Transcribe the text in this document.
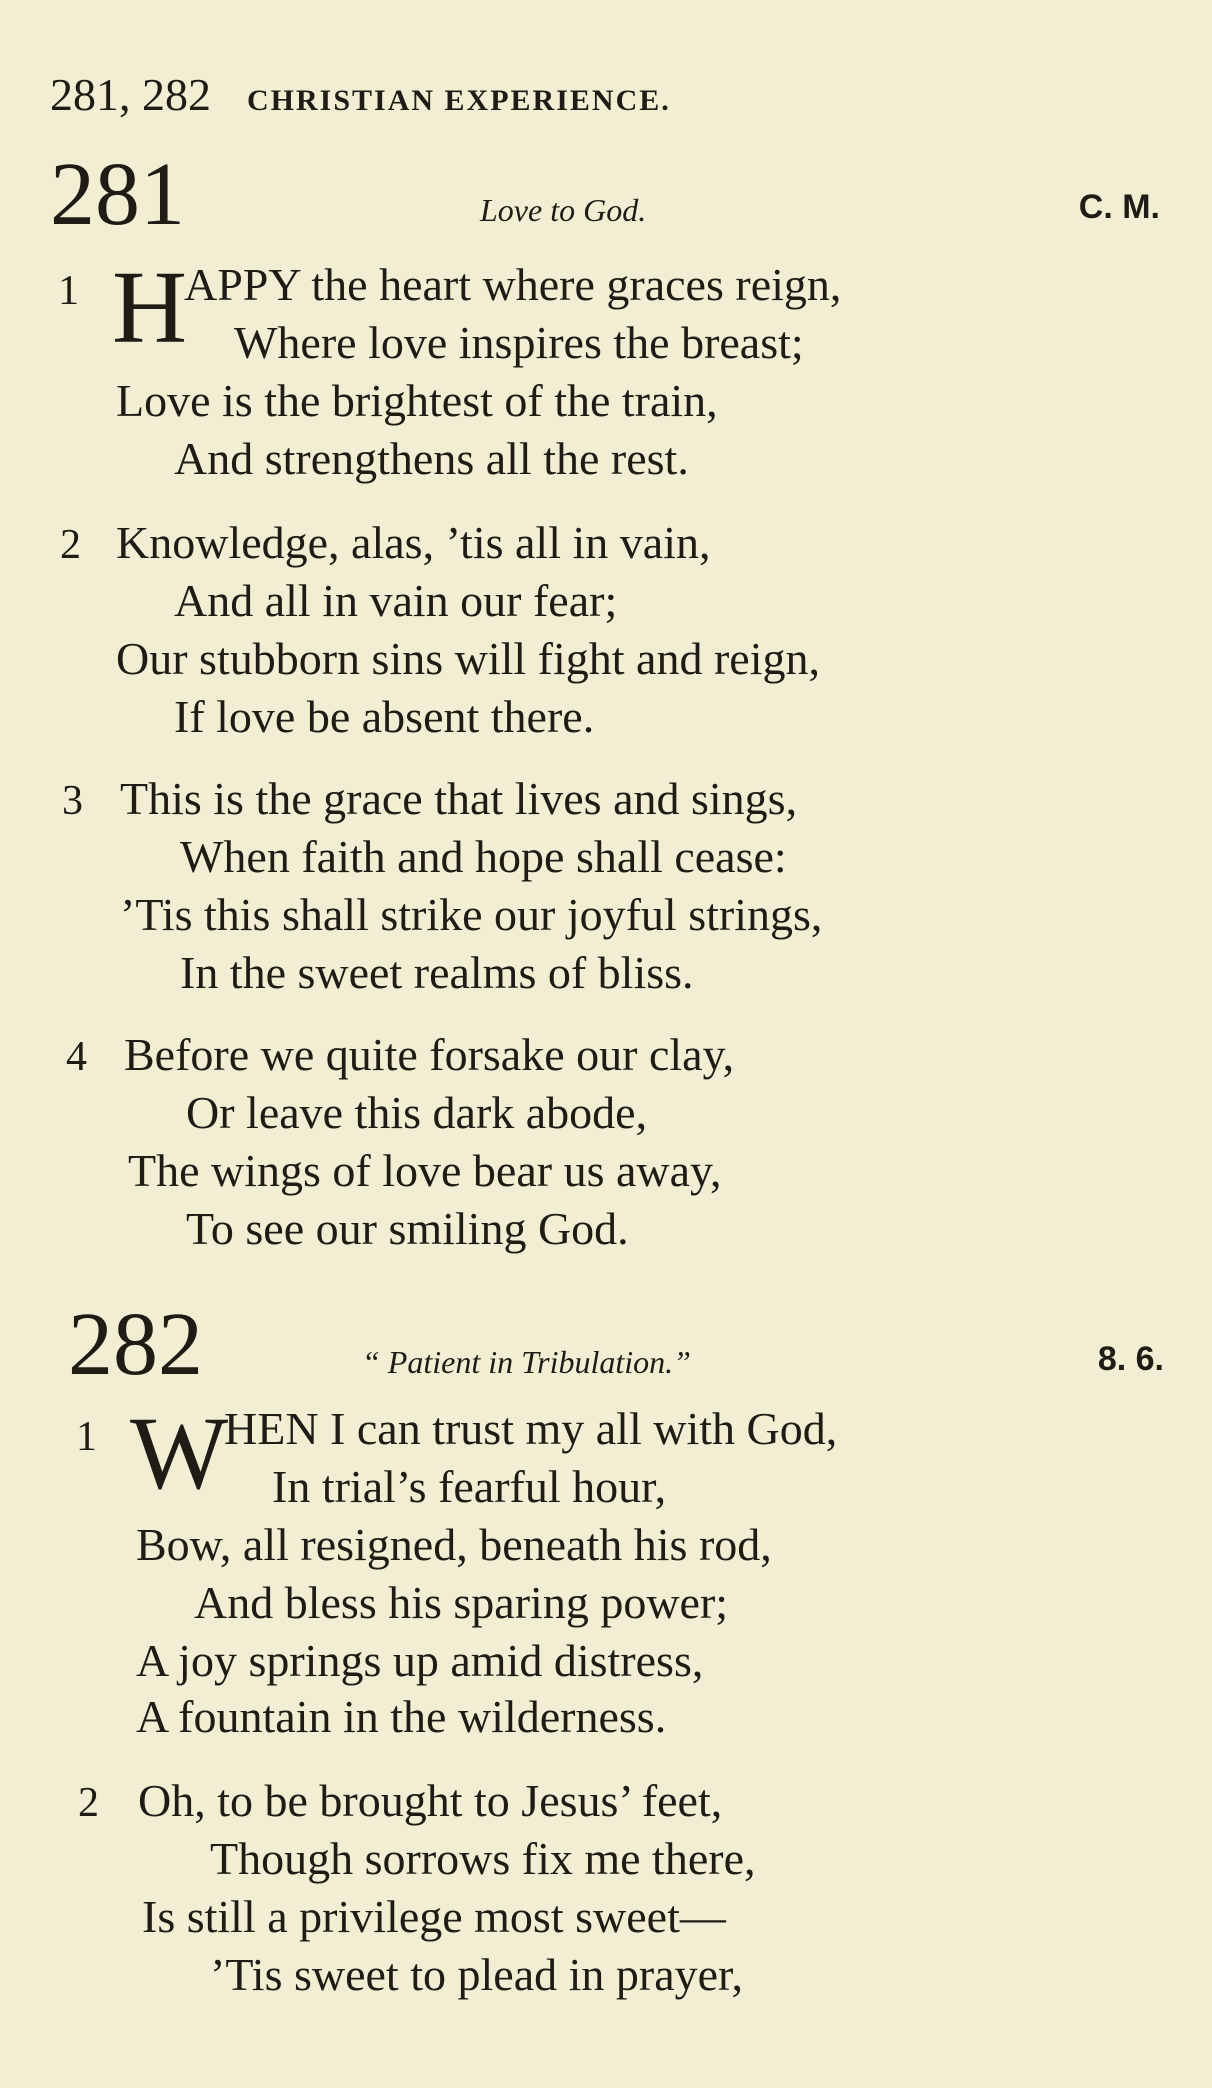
281, 282 CHRISTIAN EXPERIENCE.
281	Love to God.	C. M.
1 H
APPY the heart where graces reign,
Where love inspires the breast;
Love is the brightest of the train,
And strengthens all the rest.
2 Knowledge, alas, ’tis all in vain,
And all in vain our fear;
Our stubborn sins will fight and reign,
If love be absent there.
3 This is the grace that lives and sings,
When faith and hope shall cease:
’Tis this shall strike our joyful strings,
In the sweet realms of bliss.
4 Before we quite forsake our clay,
Or leave this dark abode,
The wings of love bear us away,
To see our smiling God.
282	“ Patient in Tribulation.”	8. 6.
1 W
HEN I can trust my all with God,
In trial’s fearful hour,
Bow, all resigned, beneath his rod,
And bless his sparing power;
A joy springs up amid distress,
A fountain in the wilderness.
2 Oh, to be brought to Jesus’ feet,
Though sorrows fix me there,
Is still a privilege most sweet—
’Tis sweet to plead in prayer,
